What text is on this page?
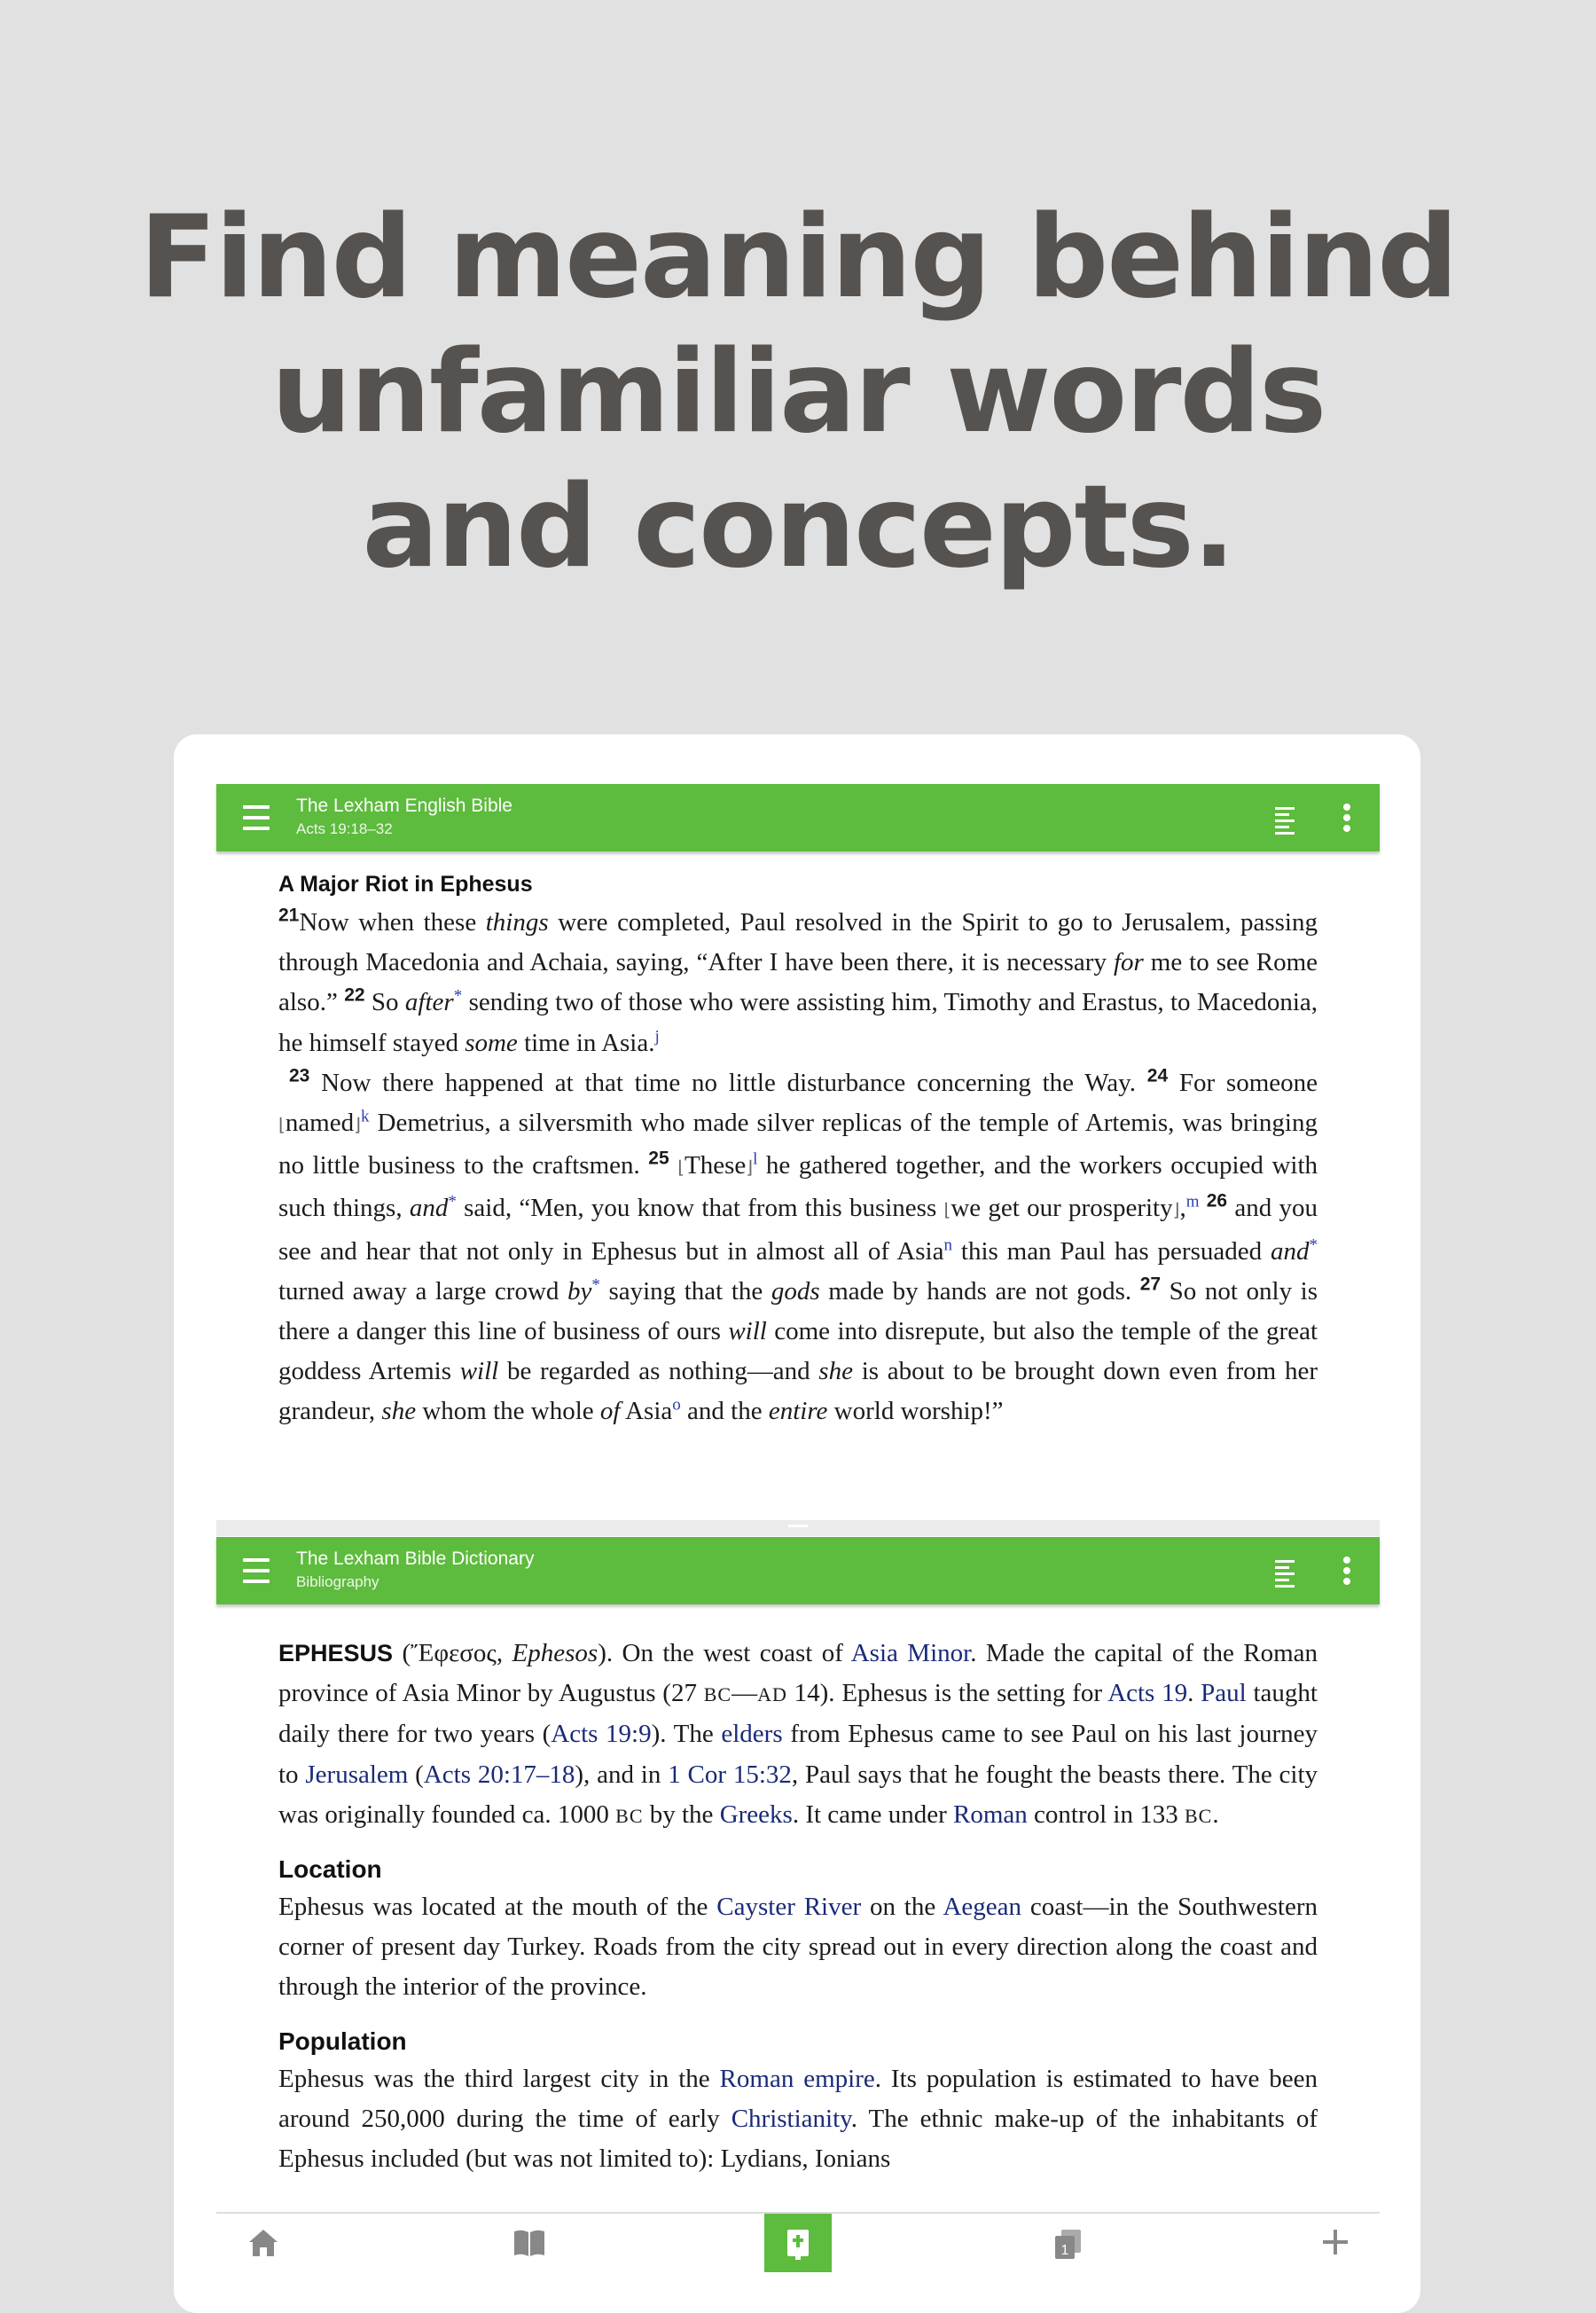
Find meaning behind
unfamiliar words
and concepts.
The Lexham English Bible
Acts 19:18–32
A Major Riot in Ephesus
$^{21}$Now when these things were completed, Paul resolved in the Spirit to go to Jerusalem, passing through Macedonia and Achaia, saying, “After I have been there, it is necessary for me to see Rome also.” $^{22}$ So after* sending two of those who were assisting him, Timothy and Erastus, to Macedonia, he himself stayed some time in Asia.$^j$
$^{23}$ Now there happened at that time no little disturbance concerning the Way. $^{24}$ For someone ⌊named⌋$^k$ Demetrius, a silversmith who made silver replicas of the temple of Artemis, was bringing no little business to the craftsmen. $^{25}$ ⌊These⌋$^l$ he gathered together, and the workers occupied with such things, and* said, “Men, you know that from this business ⌊we get our prosperity⌋,$^m$ $^{26}$ and you see and hear that not only in Ephesus but in almost all of Asia$^n$ this man Paul has persuaded and* turned away a large crowd by* saying that the gods made by hands are not gods. $^{27}$ So not only is there a danger this line of business of ours will come into disrepute, but also the temple of the great goddess Artemis will be regarded as nothing—and she is about to be brought down even from her grandeur, she whom the whole of Asia$^o$ and the entire world worship!”
The Lexham Bible Dictionary
Bibliography
EPHESUS (Ἔφεσος, Ephesos). On the west coast of Asia Minor. Made the capital of the Roman province of Asia Minor by Augustus (27 BC—AD 14). Ephesus is the setting for Acts 19. Paul taught daily there for two years (Acts 19:9). The elders from Ephesus came to see Paul on his last journey to Jerusalem (Acts 20:17–18), and in 1 Cor 15:32, Paul says that he fought the beasts there. The city was originally founded ca. 1000 BC by the Greeks. It came under Roman control in 133 BC.
Location
Ephesus was located at the mouth of the Cayster River on the Aegean coast—in the Southwestern corner of present day Turkey. Roads from the city spread out in every direction along the coast and through the interior of the province.
Population
Ephesus was the third largest city in the Roman empire. Its population is estimated to have been around 250,000 during the time of early Christianity. The ethnic make-up of the inhabitants of Ephesus included (but was not limited to): Lydians, Ionians
1
